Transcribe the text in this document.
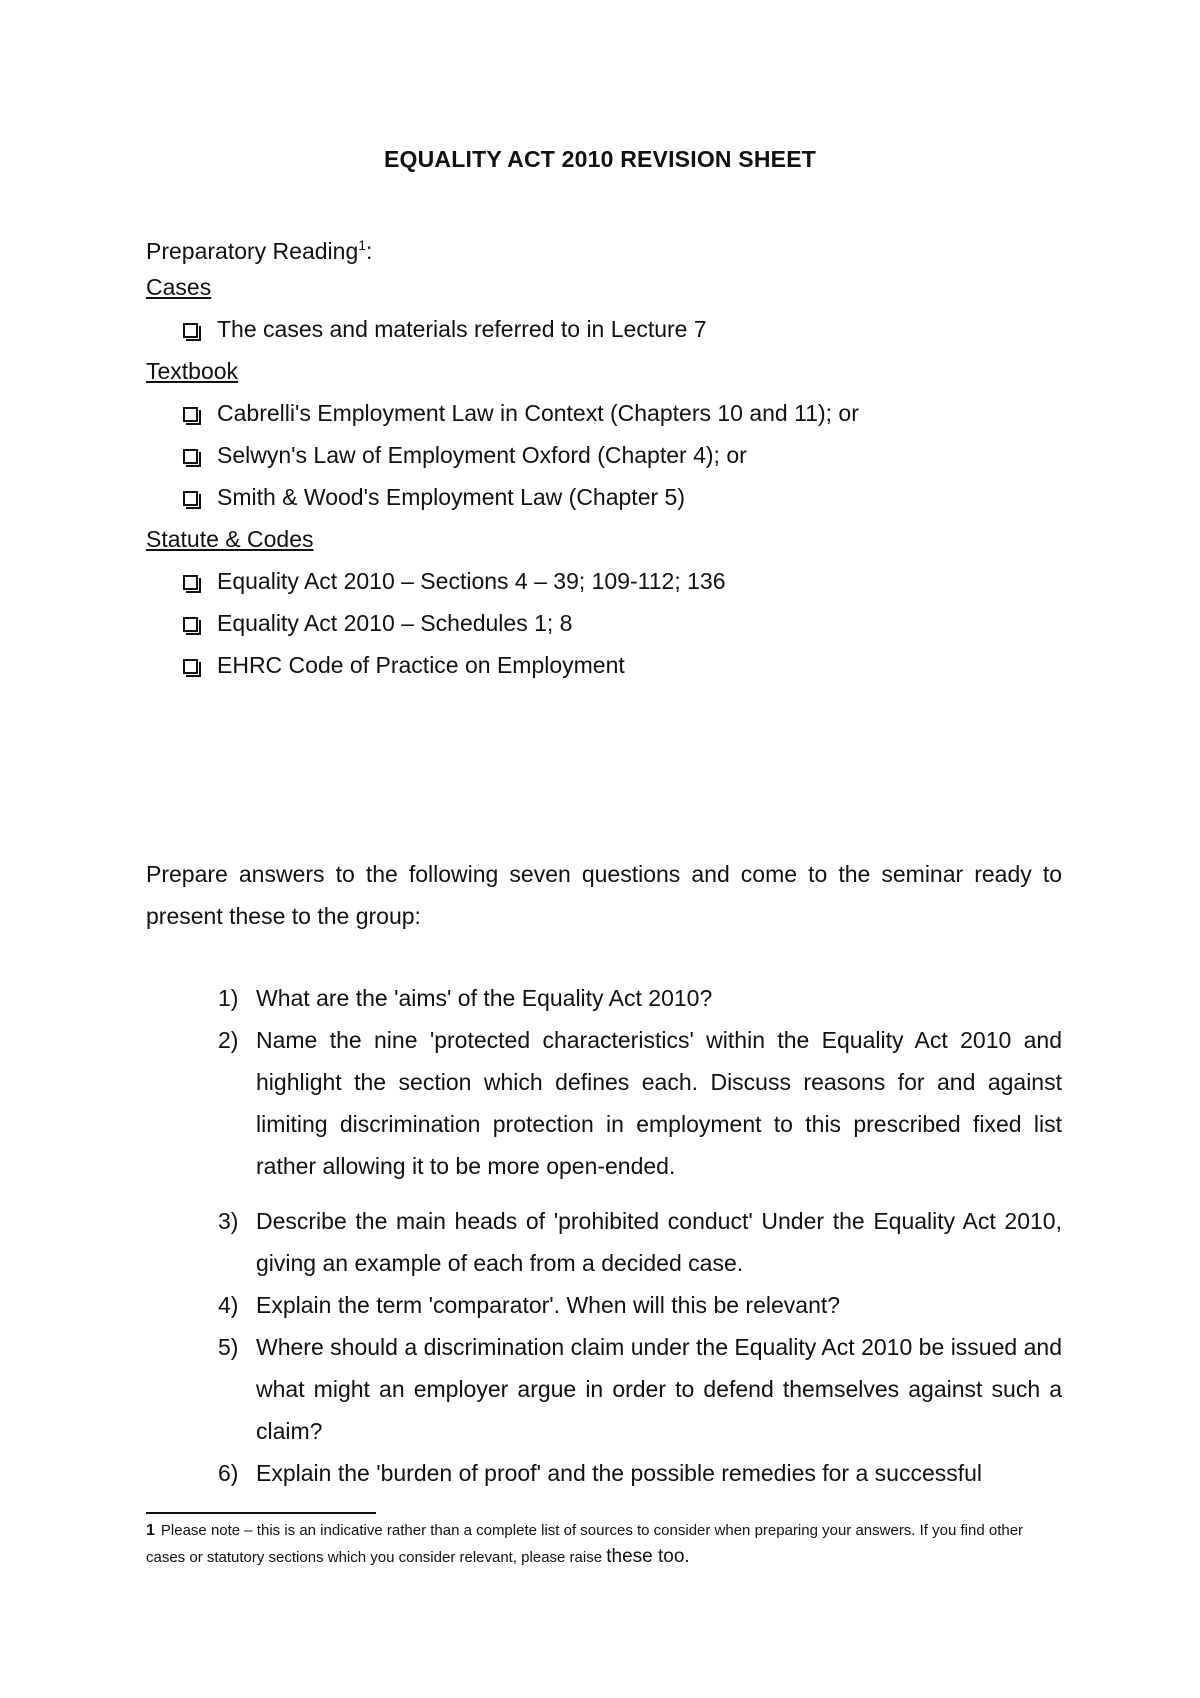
EQUALITY ACT 2010 REVISION SHEET
Preparatory Reading$^1$:
Cases
The cases and materials referred to in Lecture 7
Textbook
Cabrelli's Employment Law in Context (Chapters 10 and 11); or
Selwyn's Law of Employment Oxford (Chapter 4); or
Smith & Wood's Employment Law (Chapter 5)
Statute & Codes
Equality Act 2010 – Sections 4 – 39; 109-112; 136
Equality Act 2010 – Schedules 1; 8
EHRC Code of Practice on Employment
Prepare answers to the following seven questions and come to the seminar ready to present these to the group:
1) What are the 'aims' of the Equality Act 2010?
2) Name the nine 'protected characteristics' within the Equality Act 2010 and highlight the section which defines each. Discuss reasons for and against limiting discrimination protection in employment to this prescribed fixed list rather allowing it to be more open-ended.
3) Describe the main heads of 'prohibited conduct' Under the Equality Act 2010, giving an example of each from a decided case.
4) Explain the term 'comparator'. When will this be relevant?
5) Where should a discrimination claim under the Equality Act 2010 be issued and what might an employer argue in order to defend themselves against such a claim?
6) Explain the 'burden of proof' and the possible remedies for a successful
1 Please note – this is an indicative rather than a complete list of sources to consider when preparing your answers. If you find other cases or statutory sections which you consider relevant, please raise these too.
